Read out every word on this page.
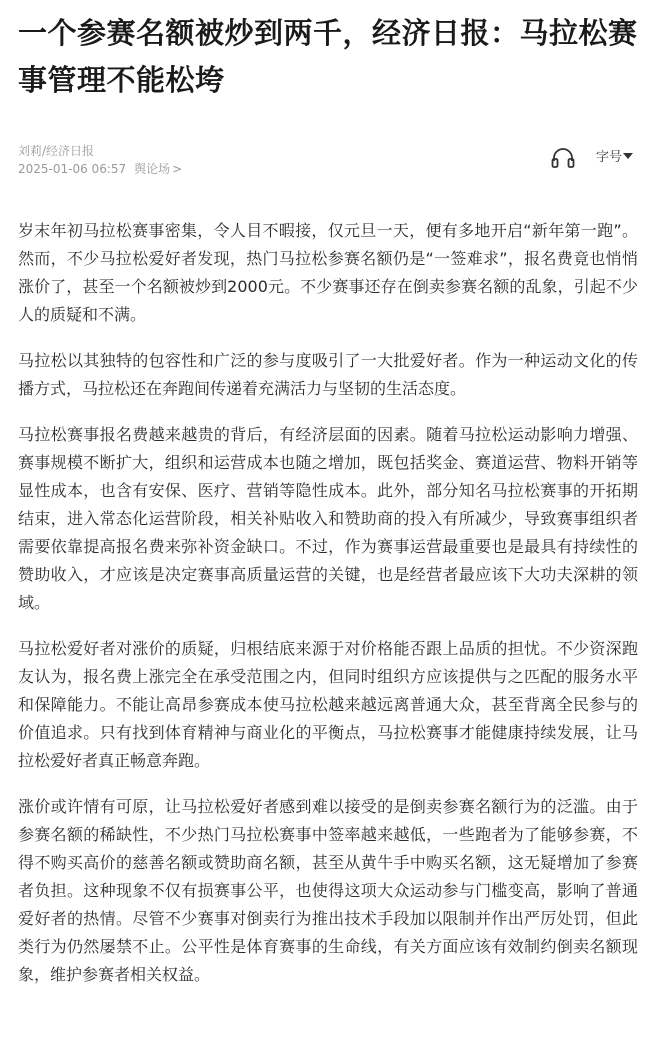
一个参赛名额被炒到两千，经济日报：马拉松赛事管理不能松垮
刘莉/经济日报
2025-01-06 06:57 舆论场 >
字号

岁末年初马拉松赛事密集，令人目不暇接，仅元旦一天，便有多地开启“新年第一跑”。然而，不少马拉松爱好者发现，热门马拉松参赛名额仍是“一签难求”，报名费竟也悄悄涨价了，甚至一个名额被炒到2000元。不少赛事还存在倒卖参赛名额的乱象，引起不少人的质疑和不满。

马拉松以其独特的包容性和广泛的参与度吸引了一大批爱好者。作为一种运动文化的传播方式，马拉松还在奔跑间传递着充满活力与坚韧的生活态度。

马拉松赛事报名费越来越贵的背后，有经济层面的因素。随着马拉松运动影响力增强、赛事规模不断扩大，组织和运营成本也随之增加，既包括奖金、赛道运营、物料开销等显性成本，也含有安保、医疗、营销等隐性成本。此外，部分知名马拉松赛事的开拓期结束，进入常态化运营阶段，相关补贴收入和赞助商的投入有所减少，导致赛事组织者需要依靠提高报名费来弥补资金缺口。不过，作为赛事运营最重要也是最具有持续性的赞助收入，才应该是决定赛事高质量运营的关键，也是经营者最应该下大功夫深耕的领域。

马拉松爱好者对涨价的质疑，归根结底来源于对价格能否跟上品质的担忧。不少资深跑友认为，报名费上涨完全在承受范围之内，但同时组织方应该提供与之匹配的服务水平和保障能力。不能让高昂参赛成本使马拉松越来越远离普通大众，甚至背离全民参与的价值追求。只有找到体育精神与商业化的平衡点，马拉松赛事才能健康持续发展，让马拉松爱好者真正畅意奔跑。

涨价或许情有可原，让马拉松爱好者感到难以接受的是倒卖参赛名额行为的泛滥。由于参赛名额的稀缺性，不少热门马拉松赛事中签率越来越低，一些跑者为了能够参赛，不得不购买高价的慈善名额或赞助商名额，甚至从黄牛手中购买名额，这无疑增加了参赛者负担。这种现象不仅有损赛事公平，也使得这项大众运动参与门槛变高，影响了普通爱好者的热情。尽管不少赛事对倒卖行为推出技术手段加以限制并作出严厉处罚，但此类行为仍然屡禁不止。公平性是体育赛事的生命线，有关方面应该有效制约倒卖名额现象，维护参赛者相关权益。
